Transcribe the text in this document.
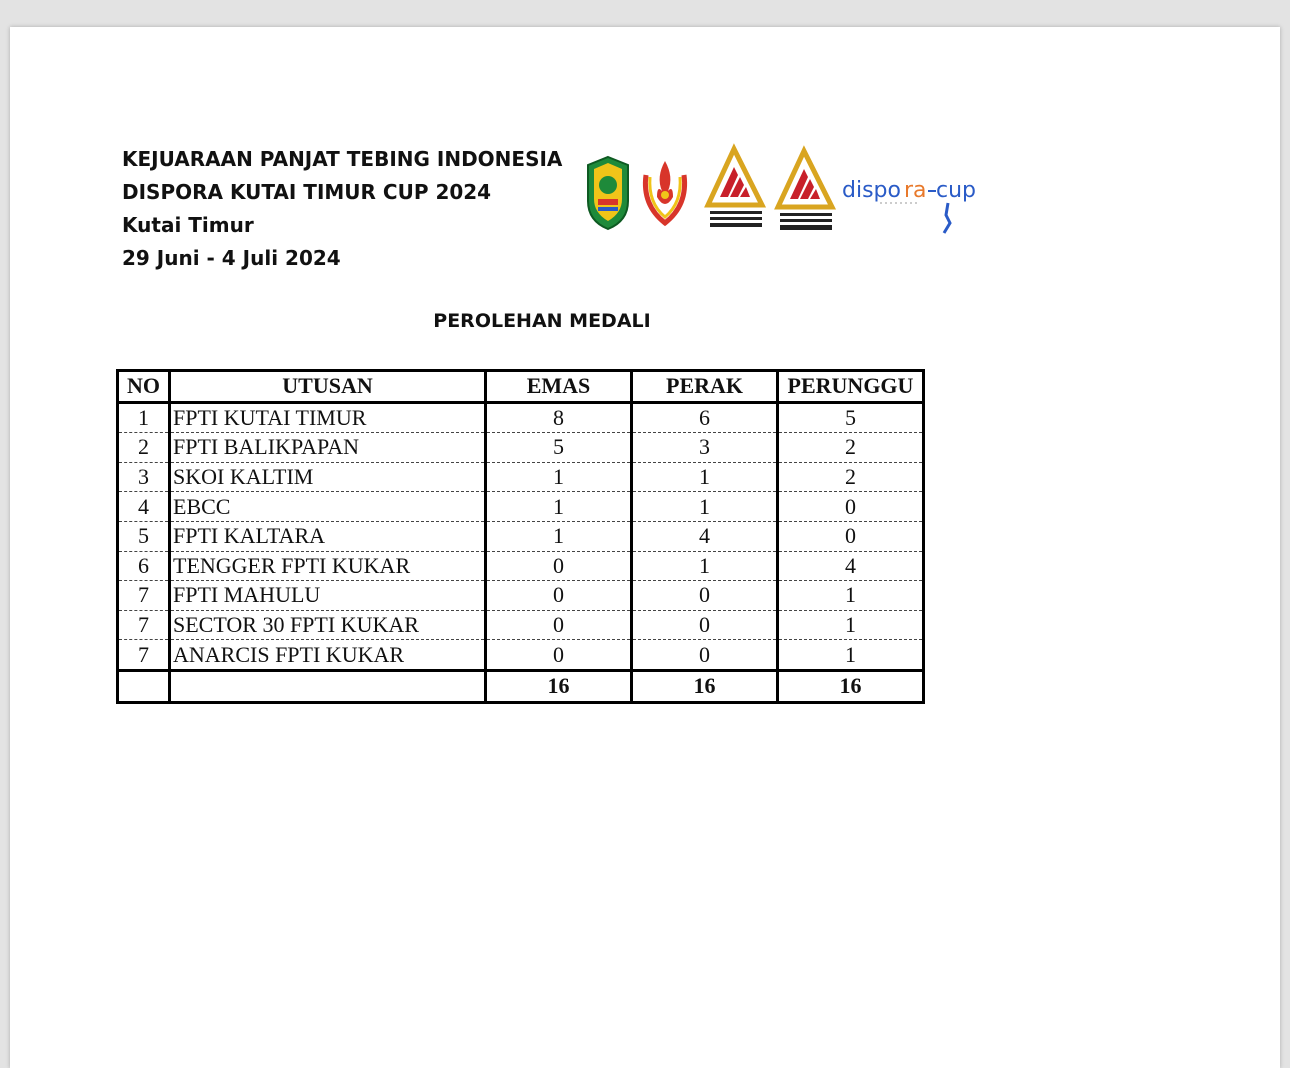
KEJUARAAN PANJAT TEBING INDONESIA
DISPORA KUTAI TIMUR CUP 2024
Kutai Timur
29 Juni - 4 Juli 2024
dispo ra cup
PEROLEHAN MEDALI
NO	UTUSAN	EMAS	PERAK	PERUNGGU
1	FPTI KUTAI TIMUR	8	6	5
2	FPTI BALIKPAPAN	5	3	2
3	SKOI KALTIM	1	1	2
4	EBCC	1	1	0
5	FPTI KALTARA	1	4	0
6	TENGGER FPTI KUKAR	0	1	4
7	FPTI MAHULU	0	0	1
7	SECTOR 30 FPTI KUKAR	0	0	1
7	ANARCIS FPTI KUKAR	0	0	1
		16	16	16
